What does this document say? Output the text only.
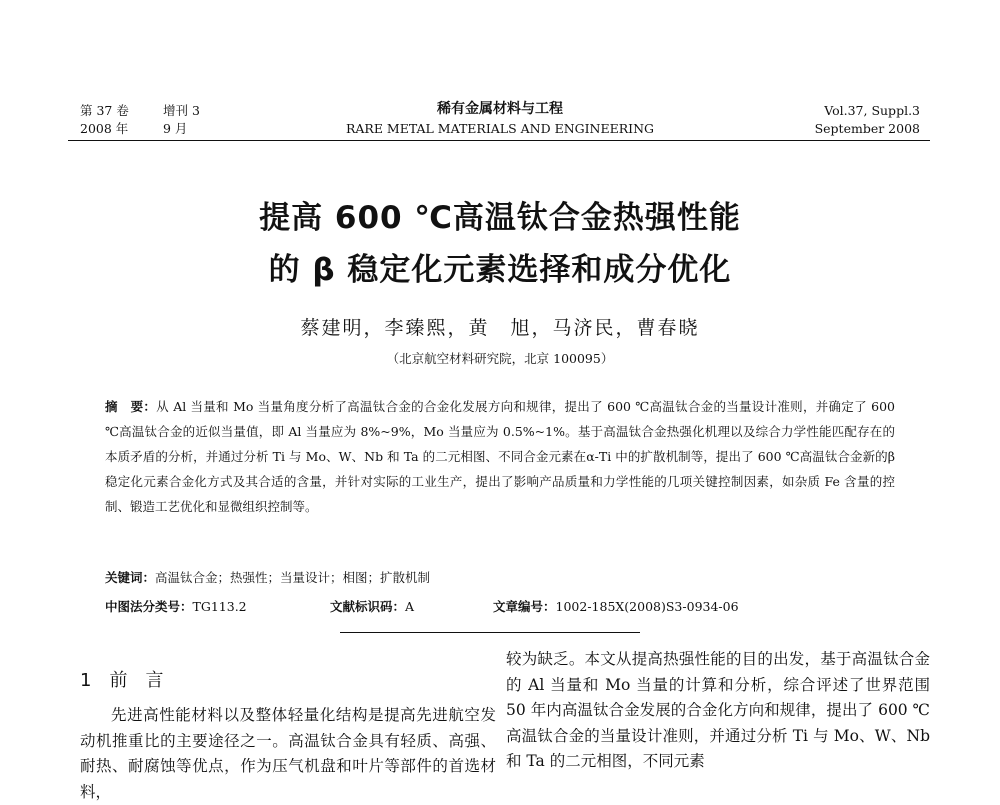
第 37 卷	增刊 3	稀有金属材料与工程	Vol.37, Suppl.3
2008 年	9 月	RARE METAL MATERIALS AND ENGINEERING	September 2008
提高 600 ℃高温钛合金热强性能
的 β 稳定化元素选择和成分优化
蔡建明，李臻熙，黄　旭，马济民，曹春晓
（北京航空材料研究院，北京 100095）
摘　要：从 Al 当量和 Mo 当量角度分析了高温钛合金的合金化发展方向和规律，提出了 600 ℃高温钛合金的当量设计准则，并确定了 600 ℃高温钛合金的近似当量值，即 Al 当量应为 8%~9%，Mo 当量应为 0.5%~1%。基于高温钛合金热强化机理以及综合力学性能匹配存在的本质矛盾的分析，并通过分析 Ti 与 Mo、W、Nb 和 Ta 的二元相图、不同合金元素在α-Ti 中的扩散机制等，提出了 600 ℃高温钛合金新的β稳定化元素合金化方式及其合适的含量，并针对实际的工业生产，提出了影响产品质量和力学性能的几项关键控制因素，如杂质 Fe 含量的控制、锻造工艺优化和显微组织控制等。
关键词：高温钛合金；热强性；当量设计；相图；扩散机制
中图法分类号：TG113.2	文献标识码：A	文章编号：1002-185X(2008)S3-0934-06
1  前　言
先进高性能材料以及整体轻量化结构是提高先进航空发动机推重比的主要途径之一。高温钛合金具有轻质、高强、耐热、耐腐蚀等优点，作为压气机盘和叶片等部件的首选材料，
较为缺乏。本文从提高热强性能的目的出发，基于高温钛合金的 Al 当量和 Mo 当量的计算和分析，综合评述了世界范围 50 年内高温钛合金发展的合金化方向和规律，提出了 600 ℃高温钛合金的当量设计准则，并通过分析 Ti 与 Mo、W、Nb 和 Ta 的二元相图，不同元素
